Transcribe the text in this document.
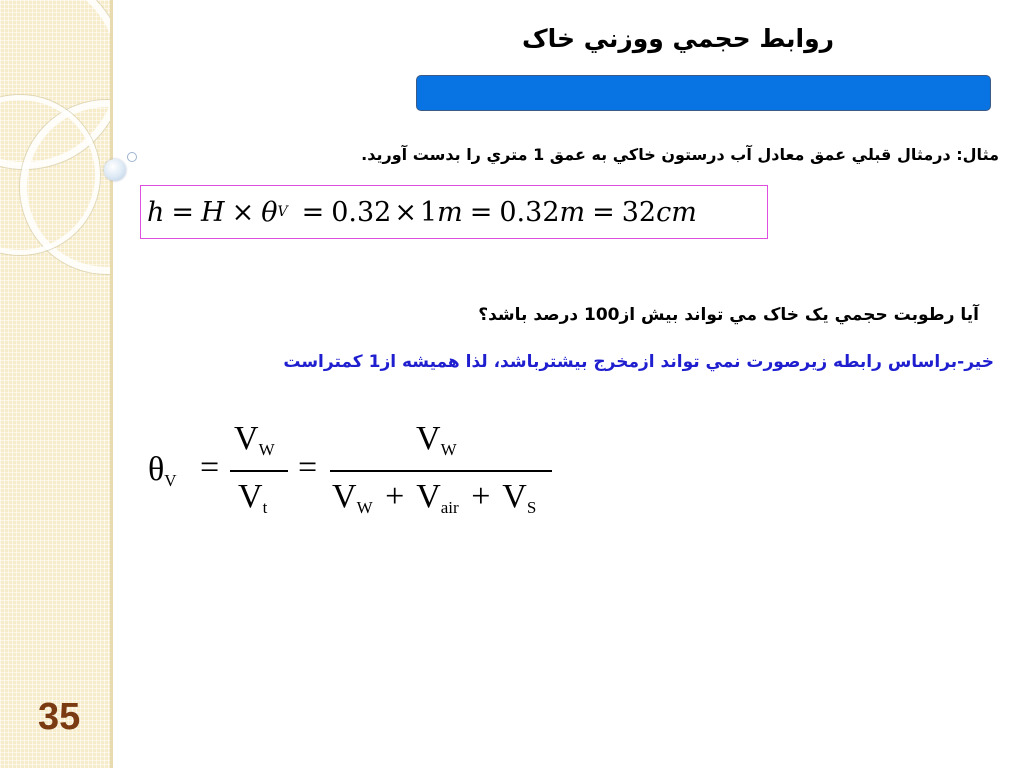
35
روابط حجمي ووزني خاک
مثال: درمثال قبلي عمق معادل آب درستون خاکي به عمق 1 متري را بدست آوريد.
h = H × θ V = 0.32 × 1 m = 0.32 m = 32 cm
آيا رطوبت حجمي يک خاک مي تواند بيش از100 درصد باشد؟
خير-براساس رابطه زيرصورت نمي تواند ازمخرج بيشترباشد، لذا هميشه از1 کمتراست
$\theta_V$ =
$V_W$
$V_t$
=
$V_W$
$V_W + V_{air} + V_S$
